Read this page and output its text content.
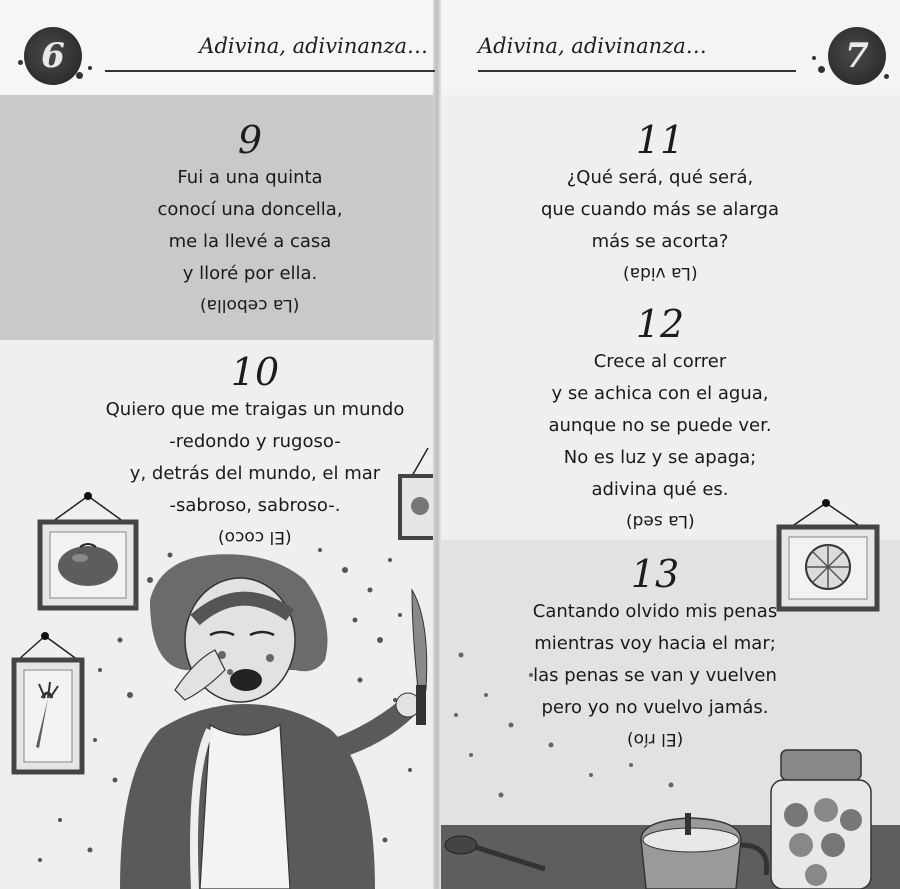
6	Adivina, adivinanza… Adivina, adivinanza…	7
9
Fui a una quinta
conocí una doncella,
me la llevé a casa
y lloré por ella.
(La cebolla)
10
Quiero que me traigas un mundo
-redondo y rugoso-
y, detrás del mundo, el mar
-sabroso, sabroso-.
(El coco)
11
¿Qué será, qué será,
que cuando más se alarga
más se acorta?
(La vida)
12
Crece al correr
y se achica con el agua,
aunque no se puede ver.
No es luz y se apaga;
adivina qué es.
(La sed)
13
Cantando olvido mis penas
mientras voy hacia el mar;
las penas se van y vuelven
pero yo no vuelvo jamás.
(El río)
